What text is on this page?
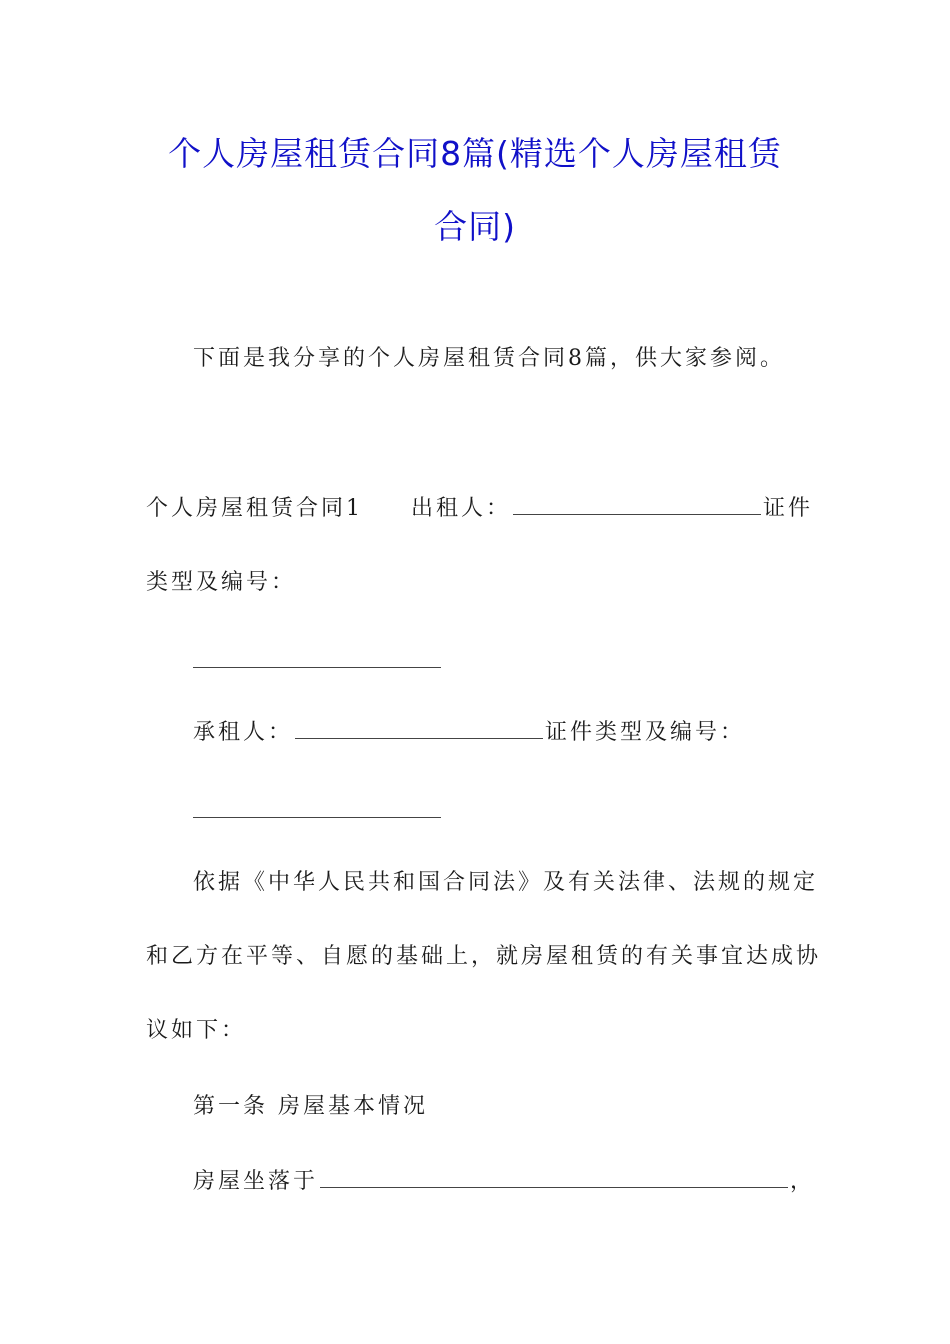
个人房屋租赁合同8篇(精选个人房屋租赁
合同)
下面是我分享的个人房屋租赁合同8篇，供大家参阅。
个人房屋租赁合同1 出租人：	证件
类型及编号：
承租人：	证件类型及编号：
依据《中华人民共和国合同法》及有关法律、法规的规定
和乙方在平等、自愿的基础上，就房屋租赁的有关事宜达成协
议如下：
第一条 房屋基本情况
房屋坐落于	，
